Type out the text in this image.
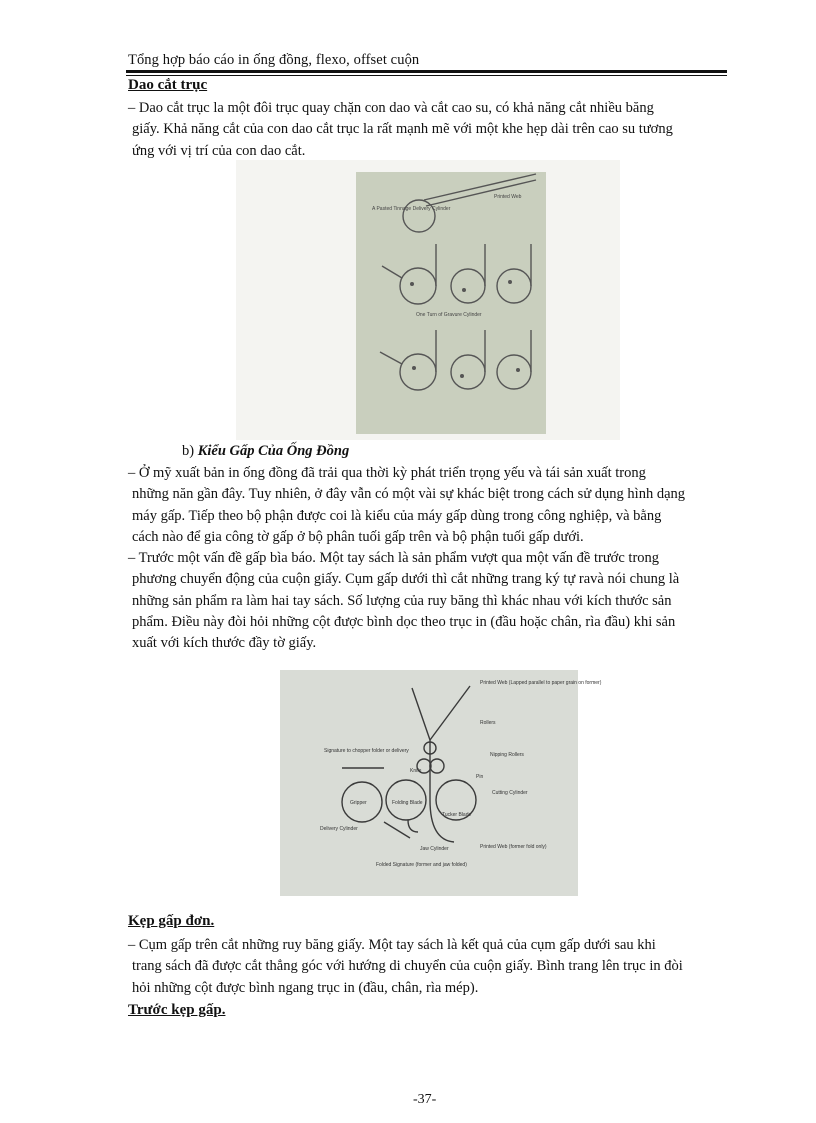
Tổng hợp báo cáo in ống đồng, flexo, offset cuộn
Dao cắt trục
– Dao cắt trục la một đôi trục quay chặn con dao và cắt cao su, có khả năng cắt nhiều băng
giấy. Khả năng cắt của con dao cắt trục la rất mạnh mẽ với một khe hẹp dài trên cao su tương
ứng với vị trí của con dao cắt.
A Pasted Tinnage Delivery Cylinder
Printed Web
One Turn of Gravure Cylinder
b) Kiểu Gấp Của Ống Đồng
– Ở mỹ xuất bản in ống đồng đã trải qua thời kỳ phát triển trọng yếu và tái sản xuất trong
những năn gần đây. Tuy nhiên, ở đây vẫn có một vài sự khác biệt trong cách sử dụng hình dạng
máy gấp. Tiếp theo bộ phận được coi là kiểu của máy gấp dùng trong công nghiệp, và bằng
cách nào để gia công tờ gấp ở bộ phân tuối gấp trên và bộ phận tuối gấp dưới.
– Trước một vấn đề gấp bìa báo. Một tay sách là sản phẩm vượt qua một vấn đề trước trong
phương chuyển động của cuộn giấy. Cụm gấp dưới thì cắt những trang ký tự ravà nói chung là
những sản phẩm ra làm hai tay sách. Số lượng của ruy băng thì khác nhau với kích thước sản
phẩm. Điều này đòi hỏi những cột được bình dọc theo trục in (đầu hoặc chân, rìa đầu) khi sản
xuất với kích thước đầy tờ giấy.
Printed Web (Lapped parallel to paper grain on former)
Rollers
Nipping Rollers
Signature to chopper folder or delivery
Knife
Pin
Cutting Cylinder
Gripper	Folding Blade
Tucker Blade
Delivery Cylinder
Jaw Cylinder	Printed Web (former fold only)
Folded Signature (former and jaw folded)
Kẹp gấp đơn.
– Cụm gấp trên cắt những ruy băng giấy. Một tay sách là kết quả của cụm gấp dưới sau khi
trang sách đã được cắt thẳng góc với hướng di chuyển của cuộn giấy. Bình trang lên trục in đòi
hỏi những cột được bình ngang trục in (đầu, chân, rìa mép).
Trước kẹp gấp.
-37-
